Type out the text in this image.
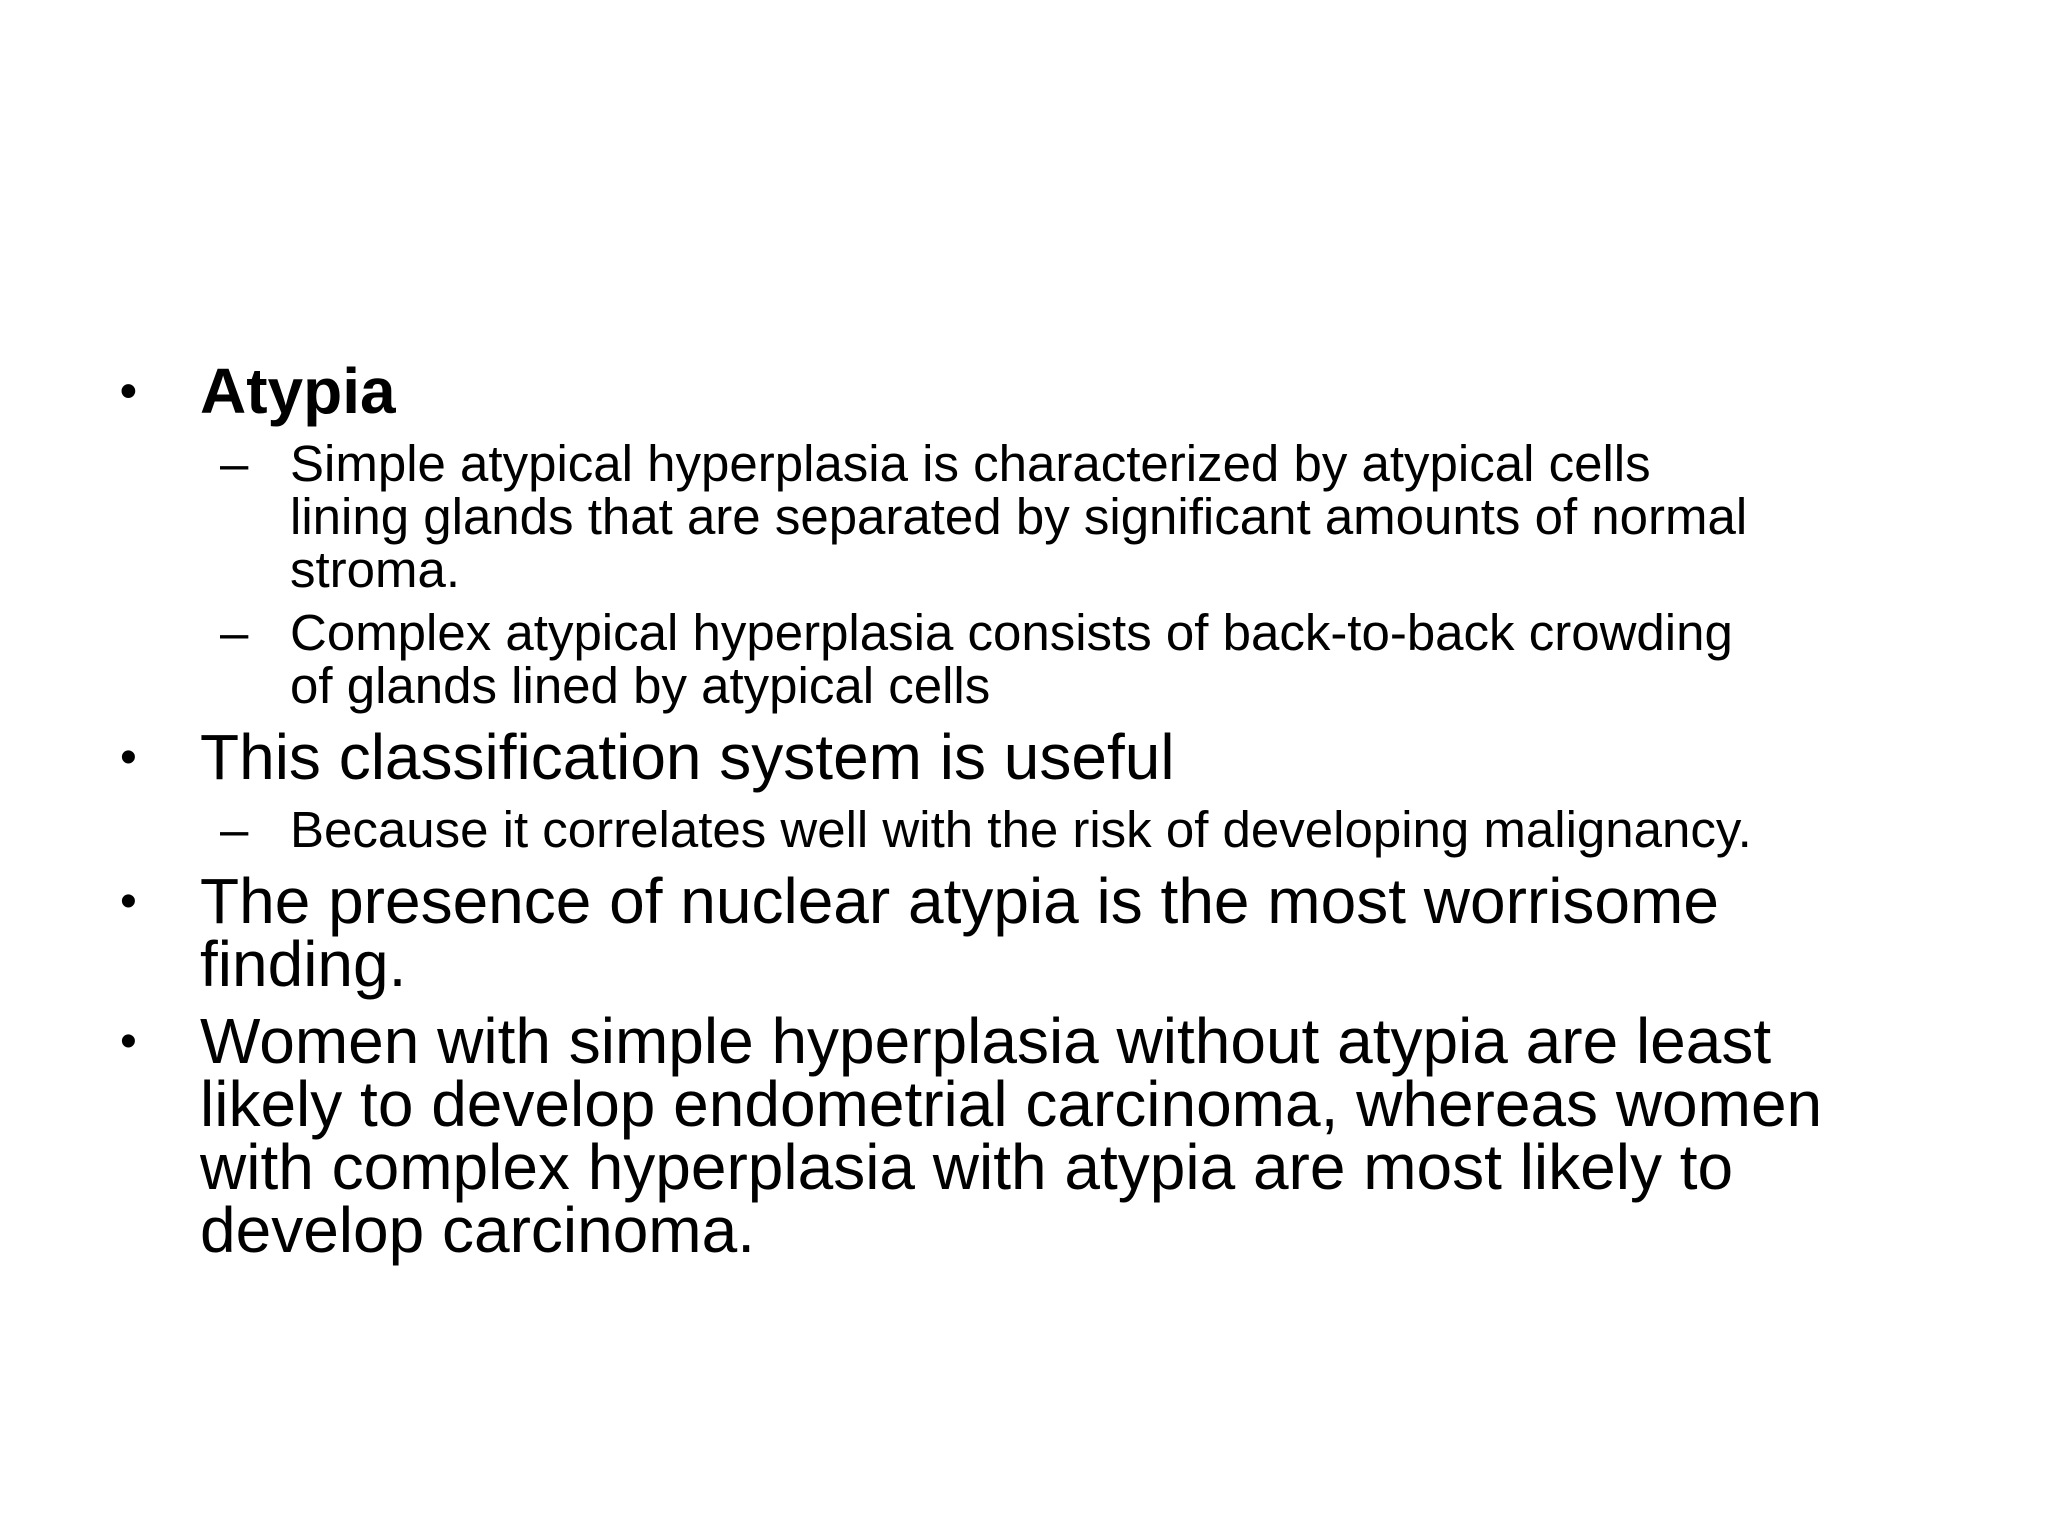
• Atypia
– Simple atypical hyperplasia is characterized by atypical cells
lining glands that are separated by significant amounts of normal
stroma.
– Complex atypical hyperplasia consists of back-to-back crowding
of glands lined by atypical cells
• This classification system is useful
– Because it correlates well with the risk of developing malignancy.
• The presence of nuclear atypia is the most worrisome
finding.
• Women with simple hyperplasia without atypia are least
likely to develop endometrial carcinoma, whereas women
with complex hyperplasia with atypia are most likely to
develop carcinoma.
